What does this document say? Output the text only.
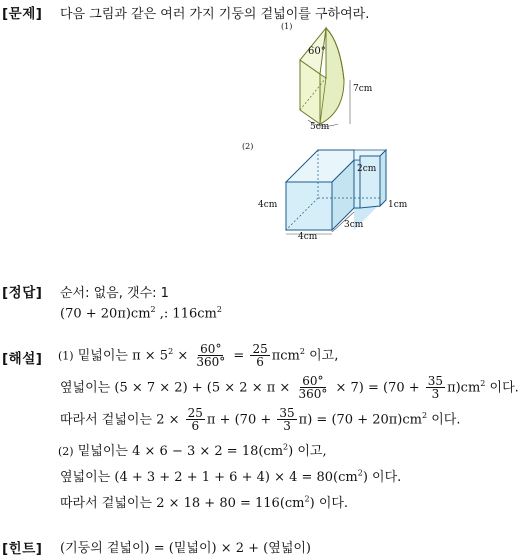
[문제] 다음 그림과 같은 여러 가지 기둥의 겉넓이를 구하여라.
(1)
60°
7cm
5cm
(2)
4cm
4cm
3cm
2cm
1cm
[정답] 순서: 없음, 갯수: 1
$(70 + 20\pi)cm^2$ ,: $116cm^2$
[해설] (1) 밑넓이는 $\pi \times 5^2 \times \frac{60^\circ}{360^\circ} = \frac{25}{6} \pi cm^2$ 이고,
옆넓이는 $(5 \times 7 \times 2) + (5 \times 2 \times \pi \times \frac{60^\circ}{360^\circ} \times 7) = (70 + \frac{35}{3} \pi)cm^2$ 이다.
따라서 겉넓이는 $2 \times \frac{25}{6}$ $\pi + (70 + \frac{35}{3} \pi) = (70 + 20\pi)cm^2$ 이다.
(2) 밑넓이는 $4 \times 6 - 3 \times 2 = 18(cm^2)$ 이고,
옆넓이는 $(4 + 3 + 2 + 1 + 6 + 4) \times 4 = 80(cm^2)$ 이다.
따라서 겉넓이는 $2 \times 18 + 80 = 116(cm^2)$ 이다.
[힌트] (기둥의 겉넓이) = (밑넓이) × 2 + (옆넓이)
